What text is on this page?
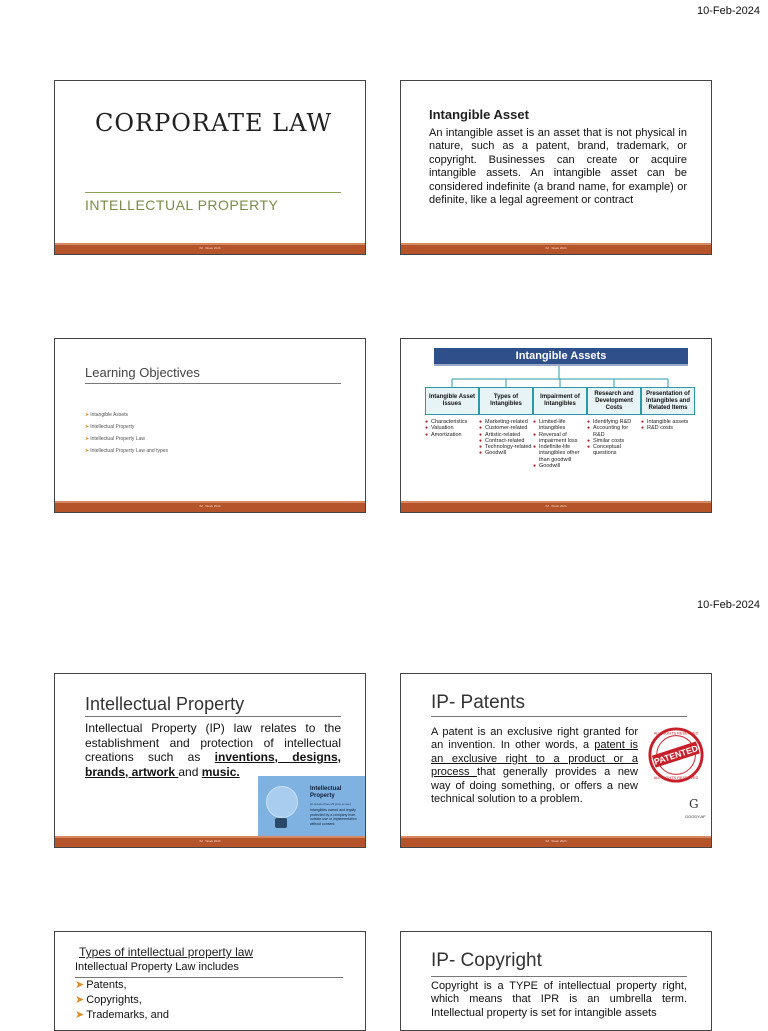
10-Feb-2024
10-Feb-2024
CORPORATE LAW
INTELLECTUAL PROPERTY
IM · Week 2024
Intangible Asset
An intangible asset is an asset that is not physical in nature, such as a patent, brand, trademark, or copyright. Businesses can create or acquire intangible assets. An intangible asset can be considered indefinite (a brand name, for example) or definite, like a legal agreement or contract
IM · Week 2024
Learning Objectives
➤Intangible Assets
➤Intellectual Property
➤Intellectual Property Law
➤Intellectual Property Law and types
IM · Week 2024
Intangible Assets
Intangible Asset Issues
● Characteristics
● Valuation
● Amortization
Types of Intangibles
● Marketing-related
● Customer-related
● Artistic-related
● Contract-related
● Technology-related
● Goodwill
Impairment of Intangibles
● Limited-life intangibles
● Reversal of impairment loss
● Indefinite-life intangibles other than goodwill
● Goodwill
Research and Development Costs
● Identifying R&D
● Accounting for R&D
● Similar costs
● Conceptual questions
Presentation of Intangibles and Related Items
● Intangible assets
● R&D costs
IM · Week 2024
Intellectual Property
Intellectual Property (IP) law relates to the establishment and protection of intellectual creations such as inventions, designs, brands, artwork and music.
Intellectual Property
(in-tel-ek-choo-uhl prop-er-tee)
Intangibles owned and legally protected by a company from outside use or implementation without consent.
IM · Week 2024
IP- Patents
A patent is an exclusive right granted for an invention. In other words, a patent is an exclusive right to a product or a process that generally provides a new way of doing something, or offers a new technical solution to a problem.
ALL RIGHTS RESERVED
ALL RIGHTS RESERVED
PATENTED
G
GOODY.AF
IM · Week 2024
Types of intellectual property law
Intellectual Property Law includes
➤ Patents,
➤ Copyrights,
➤ Trademarks, and
IP- Copyright
Copyright is a TYPE of intellectual property right, which means that IPR is an umbrella term. Intellectual property is set for intangible assets
